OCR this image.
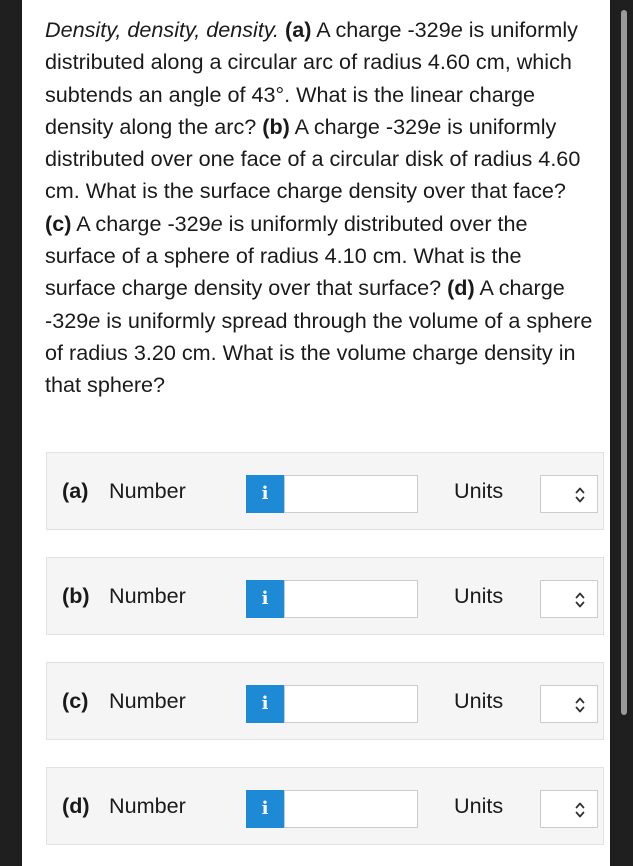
Density, density, density. (a) A charge -329e is uniformly distributed along a circular arc of radius 4.60 cm, which subtends an angle of 43°. What is the linear charge density along the arc? (b) A charge -329e is uniformly distributed over one face of a circular disk of radius 4.60 cm. What is the surface charge density over that face? (c) A charge -329e is uniformly distributed over the surface of a sphere of radius 4.10 cm. What is the surface charge density over that surface? (d) A charge -329e is uniformly spread through the volume of a sphere of radius 3.20 cm. What is the volume charge density in that sphere?
(a) Number	i	Units
(b) Number	i	Units
(c) Number	i	Units
(d) Number	i	Units
